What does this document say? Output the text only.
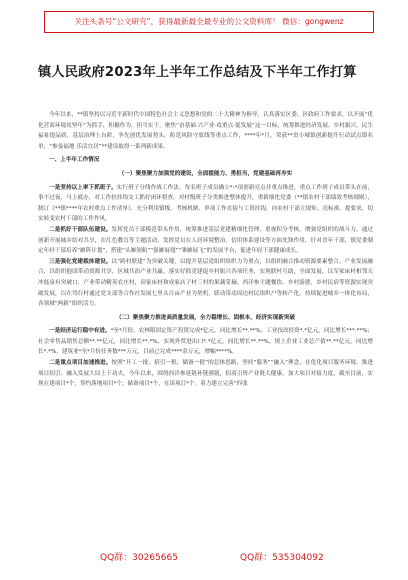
关注头条号“公文研究”，获得最新最全最专业的公文资料库！ 微信：gongwenz
镇人民政府2023年上半年工作总结及下半年工作打算

今年以来，**镇坚持以习近平新时代中国特色社会主义思想和党的二十大精神为指导，认真落实区委、区政府工作要求，以开展“优化营商环境攻坚年”为抓手，积极作为，担当实干，聚焦“奋基础·兴产业·攻重点·促发展”这一目标，统筹推进经济发展、乡村振兴、民生福祉提品质、基层治理上台阶，争先创优发展势头，防范风险守底线等重点工作，****年*月，荣获**省小城镇创新提升行动试点镇名单，“参曼福地 乐活宜居”**建设取得一系列新成果。

一、上半年工作情况

（一）聚焦聚力加强党的建设，全面提能力、勇担当，党建基础再夯实

一是坚持以上率下抓班子。实行班子分线作战工作法，每名班子成员确立*-*项创新亮点并重点推进，重点工作班子成员带头在前，事不过夜，马上就办，对工作拉挂钩交工抓好闭环督查。对村级班子分类推进整体提升，重新细化党委（**镇农村干部绩效考核细则），制订《**镇****年农村重点工作清单》，充分利用镇级、考核机制、单项工作直接与工资挂钩，向农村干部立规矩、亮标准、提要求，切实转变农村干部的工作作风。

二是抓好干部队伍建设。发挥党员干部模范带头作用，统筹推进基层党建精细化管理，重视积分考核，增强党组织的战斗力，通过创新开展城乡结对共享，在红色教育等主题活动，发挥党员在人居环境整治、信用体系建设等方面先锋作用，针对青年干部，镇党委制定年轻干部培养“雁阵计划”，搭建“头雁领航”“强雁展翅”“雏雁展飞”的发展平台，促进年轻干部健康成长。

三是强化党建载体建设。以“跨村联建”为突破关键，以提升基层党组织组织力为重点，以组织融合推动资源要素整合，产业发展融合，以组织抱团带动资源共享，区域共治产业共赢，落实好抓党建促乡村振兴各项任务，实现联村互助，全面发展，以军家床村相邻天冲磊泉有突破口，产业带动精英农庄村，田家床村和成家店子村三村的果蔬采摘、西洋参主题餐饮、乡村游憩，乡村民宿等资源实现突破发展，以在骂行村通过党支部等合作社发展七里头百亩产业为契机，联动带动周边村民组织户等转产化，持续促进城乡一体化布局，各领域“两新”组织活力。

（二）聚焦聚力推进高质量发展，全力稳增长、固根本，经济实现新突破

一是经济运行稳中有进。*至*月份，农林限固定资产投资完成*亿元，同比增长**.**%；工业技改投资*.*亿元，同比增长***.**%；社会零售品销售总额**.**亿元，同比增长**.*%，实现外贸进出口*.*亿元，同比增长**.**%，规上企业工业总产值**.**亿元，同比增长*.*%，建筑业*至*月份任务数***万元，目前已完成****余万元，增幅****%。

二是重点项目加速推进。按照“开工一批、招引一批、储备一批”的总体思路，坚持“服务”“融入”理念，在优化项目服务环境、推进项目招引、融入发展大局上下功夫。今年以来，围绕西洋参延链补链强链，招商引资产业链大健康。加大项目对接力度，截至目前，实现在建项目*个，签约落地项目*个，储备项目*个，在谈项目*个。着力建立完善“四张

QQ群：30265665	QQ群：535304092
